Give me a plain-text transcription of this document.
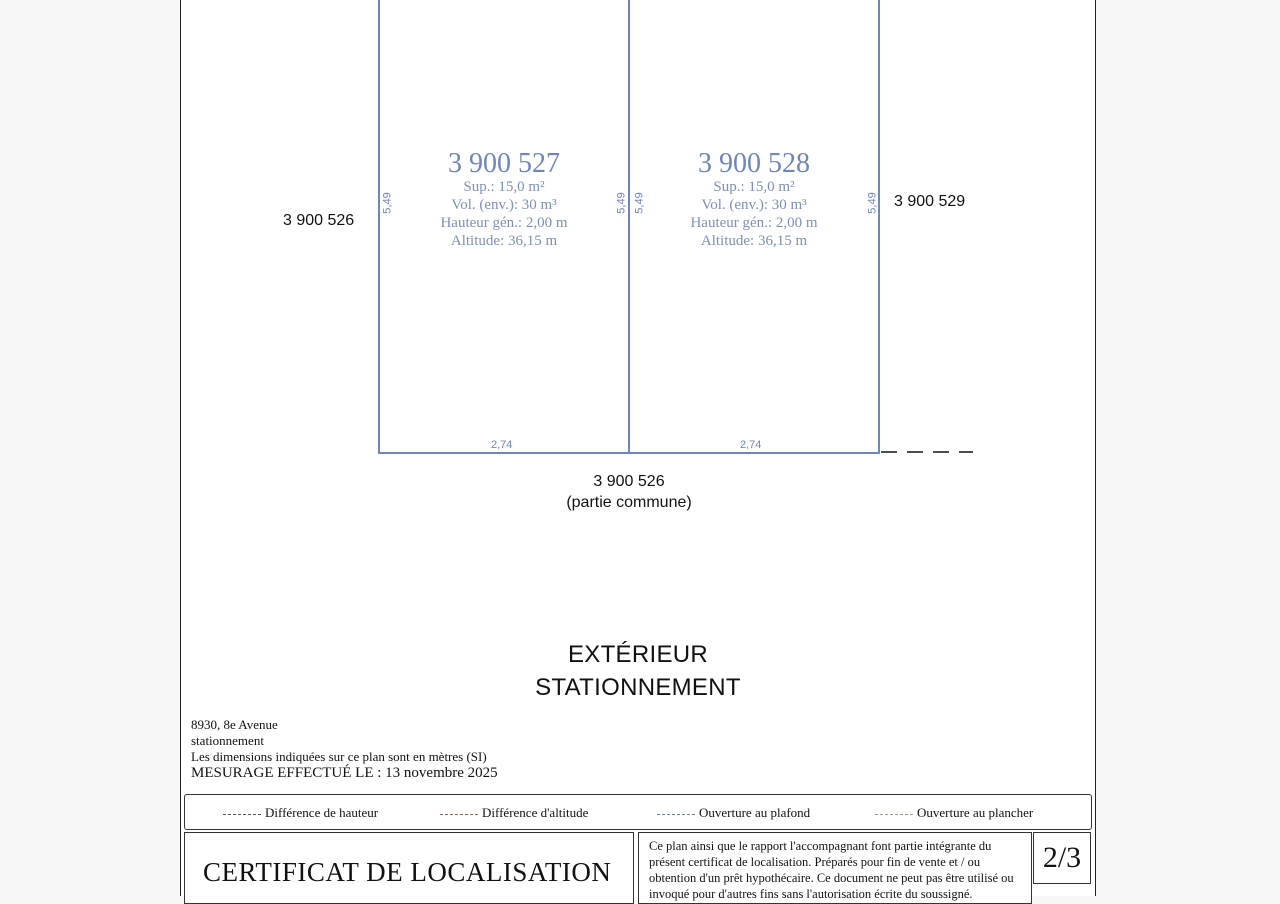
3 900 527
Sup.: 15,0 m²
Vol. (env.): 30 m³
Hauteur gén.: 2,00 m
Altitude: 36,15 m
5,49	5,49
2,74
3 900 528
Sup.: 15,0 m²
Vol. (env.): 30 m³
Hauteur gén.: 2,00 m
Altitude: 36,15 m
5,49	5,49
2,74
3 900 526
3 900 529
3 900 526
(partie commune)
EXTÉRIEUR
STATIONNEMENT
8930, 8e Avenue
stationnement
Les dimensions indiquées sur ce plan sont en mètres (SI)
MESURAGE EFFECTUÉ LE : 13 novembre 2025
Différence de hauteur	Différence d'altitude	Ouverture au plafond	Ouverture au plancher
CERTIFICAT DE LOCALISATION
Ce plan ainsi que le rapport l'accompagnant font partie intégrante du présent certificat de localisation. Préparés pour fin de vente et / ou obtention d'un prêt hypothécaire. Ce document ne peut pas être utilisé ou invoqué pour d'autres fins sans l'autorisation écrite du soussigné.
2/3
